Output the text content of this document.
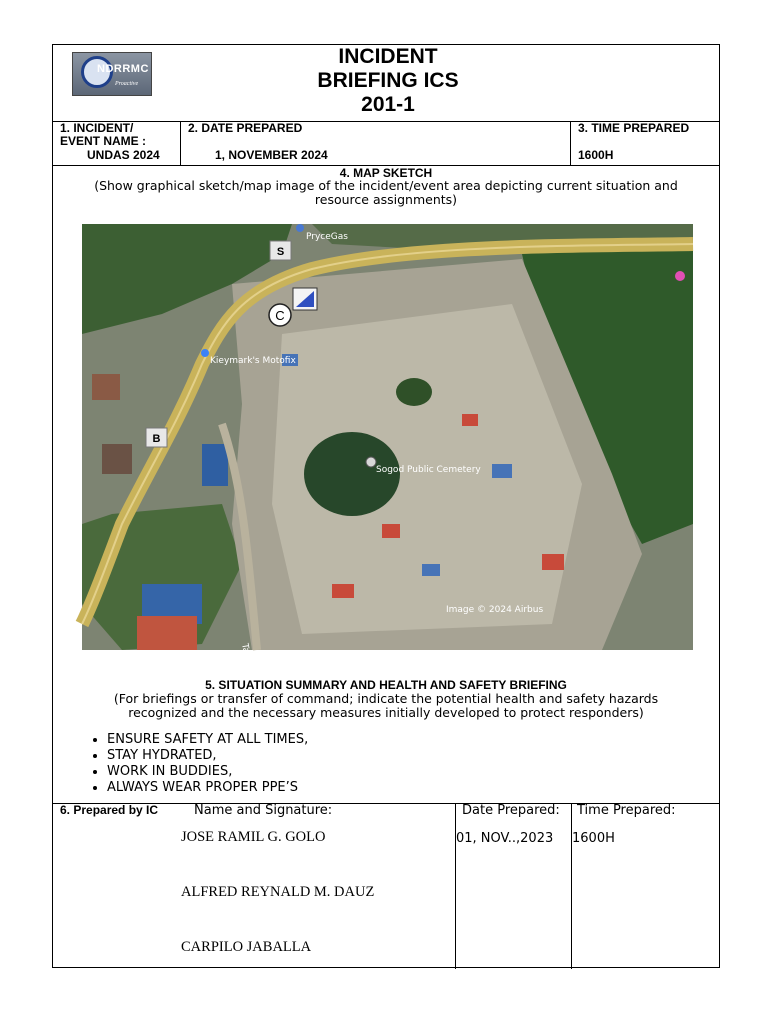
NDRRMC
Proactive
INCIDENT
BRIEFING ICS
201-1
1. INCIDENT/
EVENT NAME :
UNDAS 2024
2. DATE PREPARED
1, NOVEMBER 2024
3. TIME PREPARED
1600H
4. MAP SKETCH
(Show graphical sketch/map image of the incident/event area depicting current situation and
resource assignments)
PryceGas
Kieymark's Motofix
Sogod Public Cemetery
Tampoon
Image © 2024 Airbus
S
B
C
5. SITUATION SUMMARY AND HEALTH AND SAFETY BRIEFING
(For briefings or transfer of command; indicate the potential health and safety hazards
recognized and the necessary measures initially developed to protect responders)
• ENSURE SAFETY AT ALL TIMES,
• STAY HYDRATED,
• WORK IN BUDDIES,
• ALWAYS WEAR PROPER PPE’S
6. Prepared by IC	Name and Signature:	Date Prepared: Time Prepared:
JOSE RAMIL G. GOLO
ALFRED REYNALD M. DAUZ
CARPILO JABALLA
01, NOV..,2023 1600H
